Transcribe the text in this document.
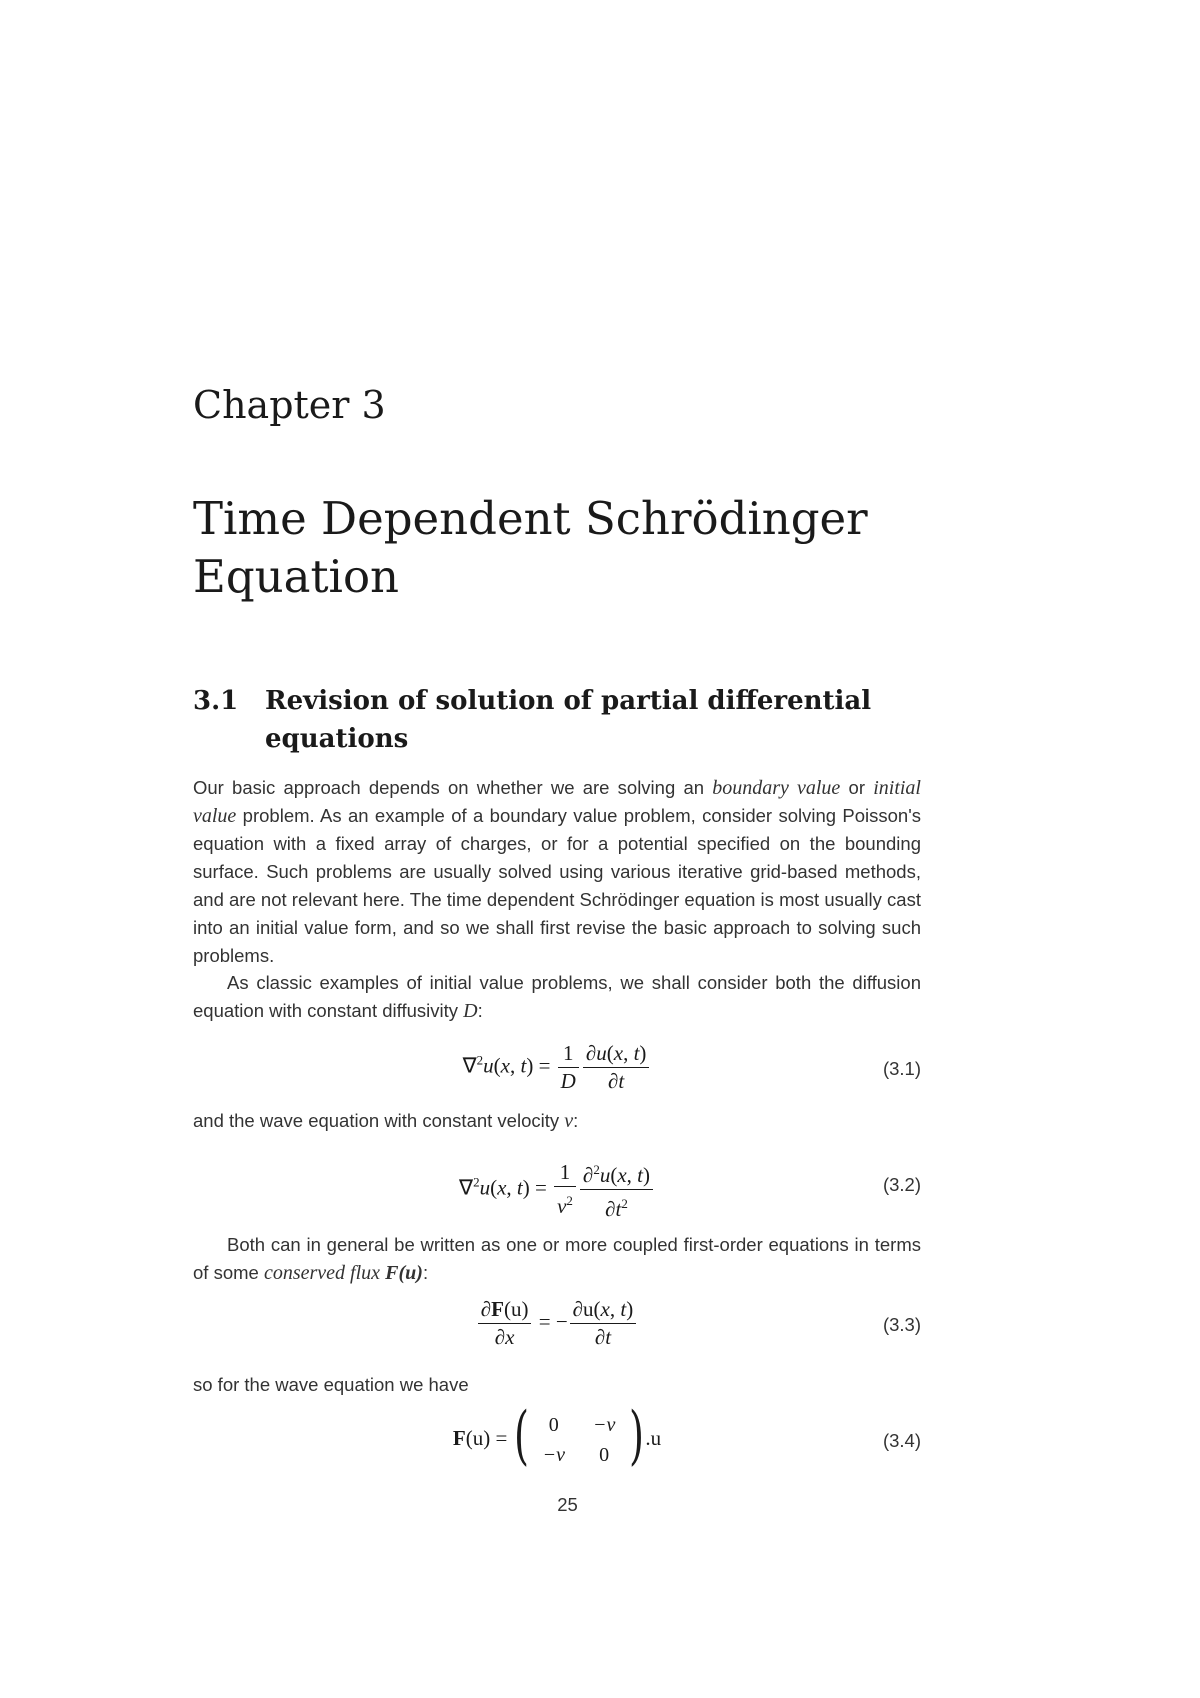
Chapter 3
Time Dependent Schrödinger
Equation
3.1 Revision of solution of partial differential equations

Our basic approach depends on whether we are solving an boundary value or initial value problem. As an example of a boundary value problem, consider solving Poisson's equation with a fixed array of charges, or for a potential specified on the bounding surface. Such problems are usually solved using various iterative grid-based methods, and are not relevant here. The time dependent Schrödinger equation is most usually cast into an initial value form, and so we shall first revise the basic approach to solving such problems.

As classic examples of initial value problems, we shall consider both the diffusion equation with constant diffusivity D:

∇$^2$u(x, $t) = \frac{1}{D} \frac{\partial u(x, t)}{\partial t}$	(3.1)

and the wave equation with constant velocity v:

∇$^2$u(x, $t) = \frac{1}{v^2} \frac{\partial^2u(x, t)}{\partial t^2}$	(3.2)

Both can in general be written as one or more coupled first-order equations in terms of some conserved flux F(u):

$\frac{\partial F(u)}{\partial x}$ = − $\frac{\partial u(x, t)}{\partial t}$	(3.3)

so for the wave equation we have

F(u) = ( 0	−v
−v	0 ) .u	(3.4)
25
